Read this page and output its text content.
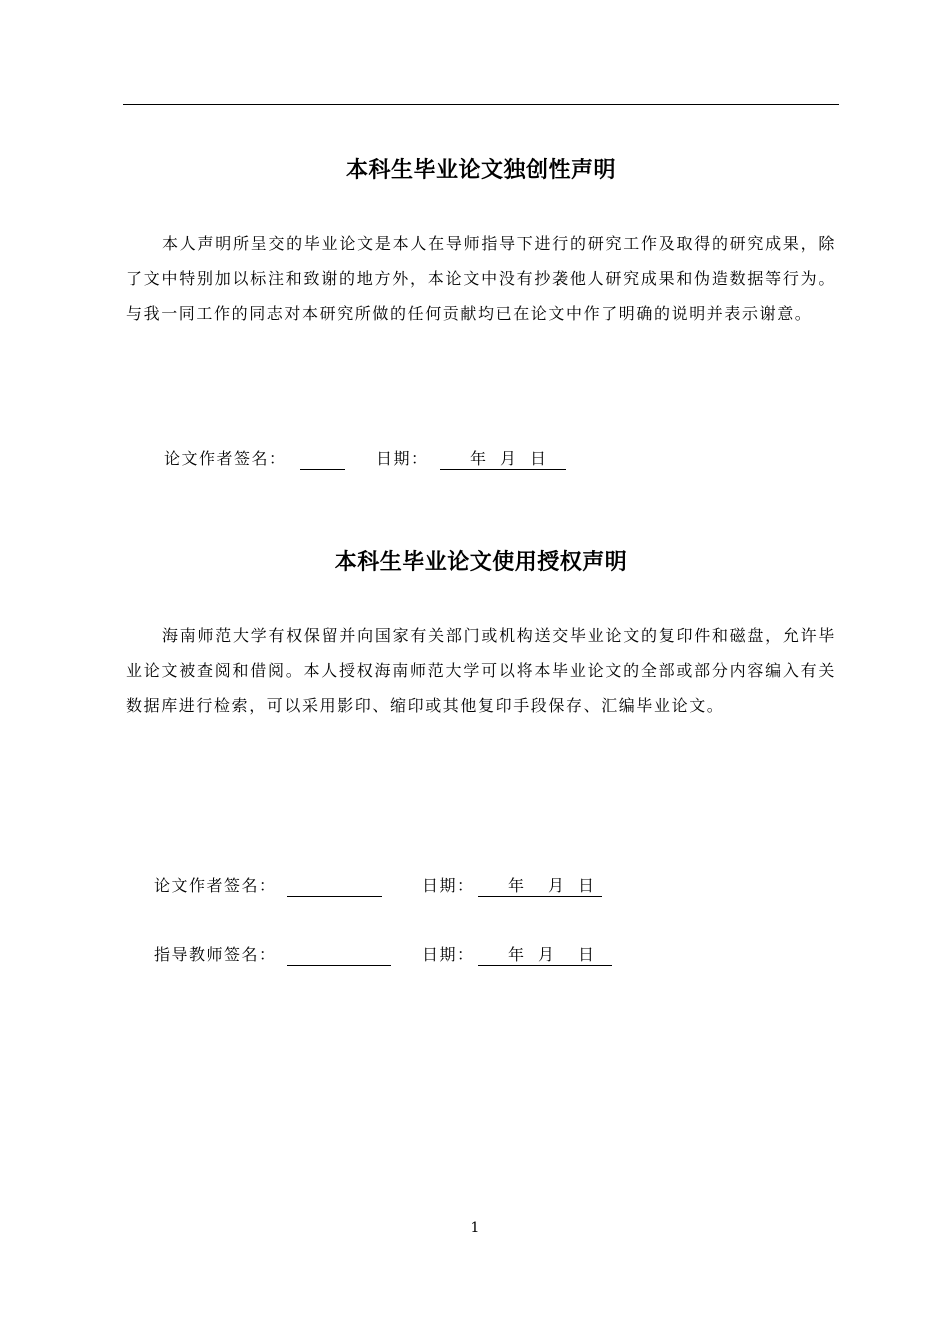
本科生毕业论文独创性声明
本人声明所呈交的毕业论文是本人在导师指导下进行的研究工作及取得的研究成果，除了文中特别加以标注和致谢的地方外，本论文中没有抄袭他人研究成果和伪造数据等行为。与我一同工作的同志对本研究所做的任何贡献均已在论文中作了明确的说明并表示谢意。
论文作者签名：	日期：	年 月 日
本科生毕业论文使用授权声明
海南师范大学有权保留并向国家有关部门或机构送交毕业论文的复印件和磁盘，允许毕业论文被查阅和借阅。本人授权海南师范大学可以将本毕业论文的全部或部分内容编入有关数据库进行检索，可以采用影印、缩印或其他复印手段保存、汇编毕业论文。
论文作者签名：	日期： 年 月 日
指导教师签名：	日期： 年 月 日
1
